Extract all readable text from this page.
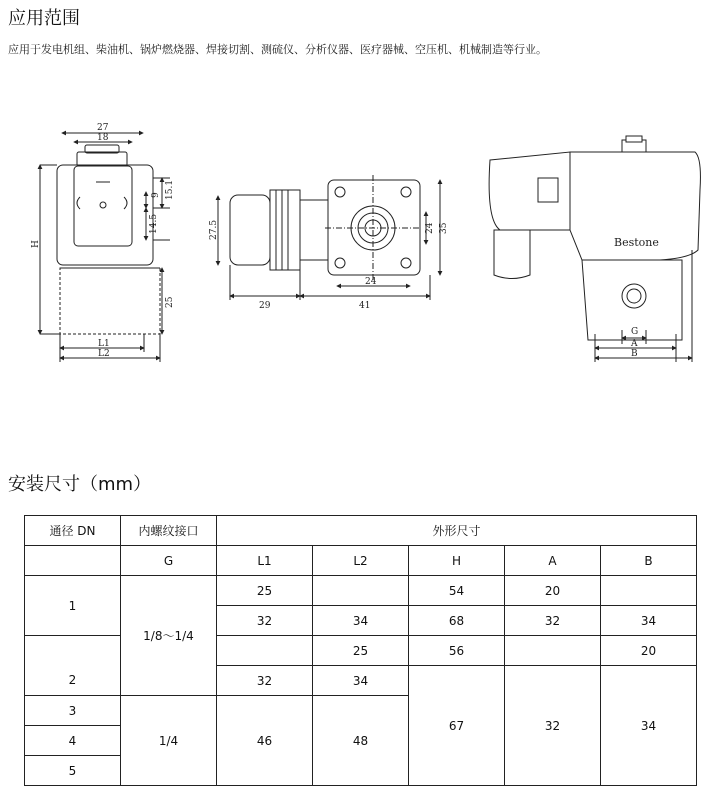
应用范围
应用于发电机组、柴油机、锅炉燃烧器、焊接切割、测硫仪、分析仪器、医疗器械、空压机、机械制造等行业。
27
18
H
9 15.1
14.5
25
L1
L2
27.5	24 35
29
24
41
Bestone
G
A
B
安装尺寸（mm）
通径 DN	内螺纹接口	外形尺寸				
	G	L1	L2	H	A	B
1	1/8～1/4	25		54	20	
		32	34	68	32	34
2			25	56		20
		32	34	67	32	34
3	1/4	46	48			
4						
5						
